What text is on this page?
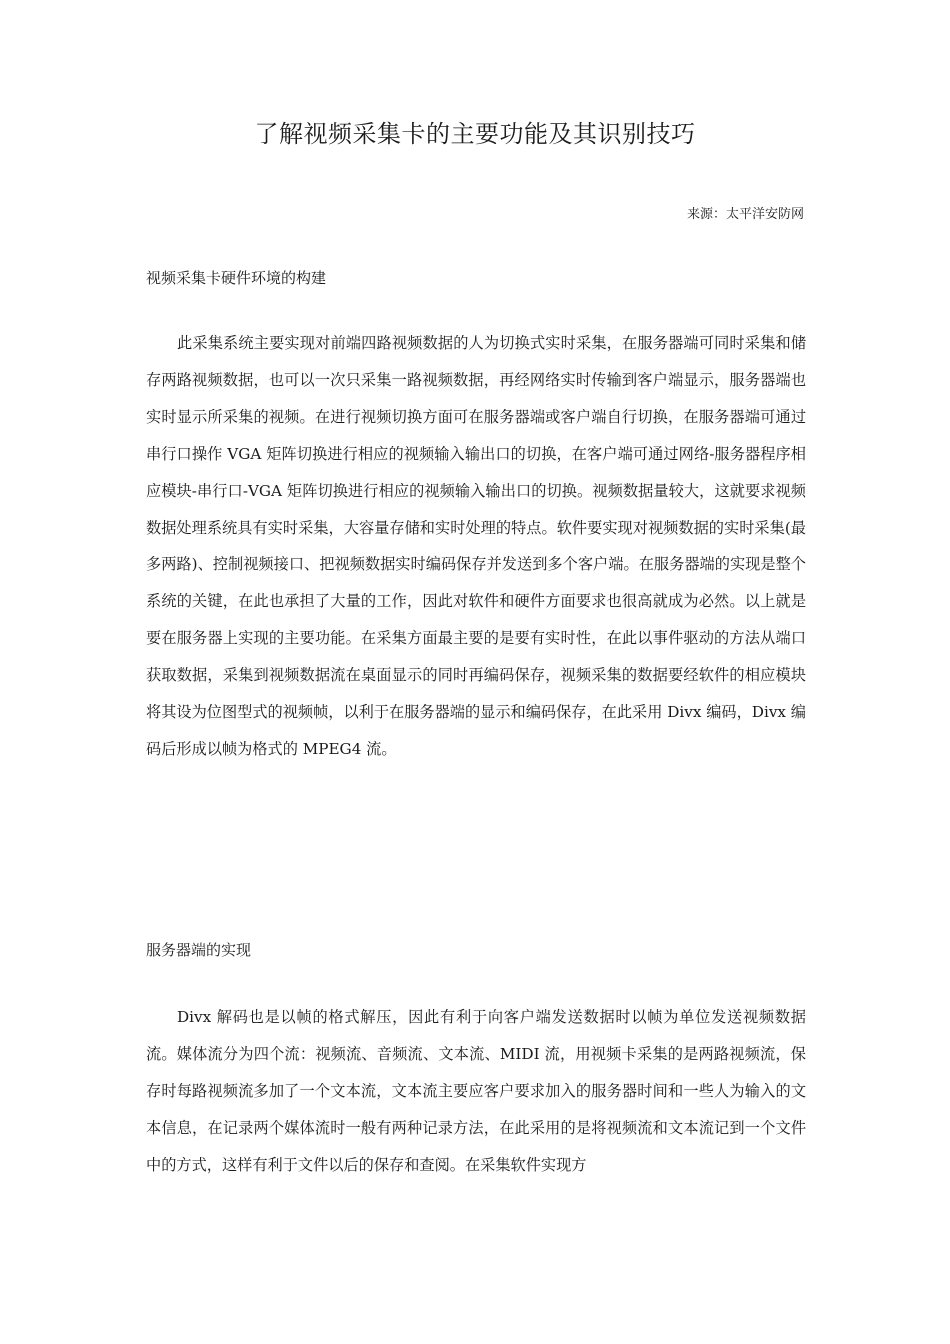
了解视频采集卡的主要功能及其识别技巧
来源：太平洋安防网
视频采集卡硬件环境的构建

此采集系统主要实现对前端四路视频数据的人为切换式实时采集，在服务器端可同时采集和储存两路视频数据，也可以一次只采集一路视频数据，再经网络实时传输到客户端显示，服务器端也实时显示所采集的视频。在进行视频切换方面可在服务器端或客户端自行切换，在服务器端可通过串行口操作 VGA 矩阵切换进行相应的视频输入输出口的切换，在客户端可通过网络-服务器程序相应模块-串行口-VGA 矩阵切换进行相应的视频输入输出口的切换。视频数据量较大，这就要求视频数据处理系统具有实时采集，大容量存储和实时处理的特点。软件要实现对视频数据的实时采集(最多两路)、控制视频接口、把视频数据实时编码保存并发送到多个客户端。在服务器端的实现是整个系统的关键，在此也承担了大量的工作，因此对软件和硬件方面要求也很高就成为必然。以上就是要在服务器上实现的主要功能。在采集方面最主要的是要有实时性，在此以事件驱动的方法从端口获取数据，采集到视频数据流在桌面显示的同时再编码保存，视频采集的数据要经软件的相应模块将其设为位图型式的视频帧，以利于在服务器端的显示和编码保存，在此采用 Divx 编码，Divx 编码后形成以帧为格式的 MPEG4 流。

服务器端的实现

Divx 解码也是以帧的格式解压，因此有利于向客户端发送数据时以帧为单位发送视频数据流。媒体流分为四个流：视频流、音频流、文本流、MIDI 流，用视频卡采集的是两路视频流，保存时每路视频流多加了一个文本流，文本流主要应客户要求加入的服务器时间和一些人为输入的文本信息，在记录两个媒体流时一般有两种记录方法，在此采用的是将视频流和文本流记到一个文件中的方式，这样有利于文件以后的保存和查阅。在采集软件实现方
